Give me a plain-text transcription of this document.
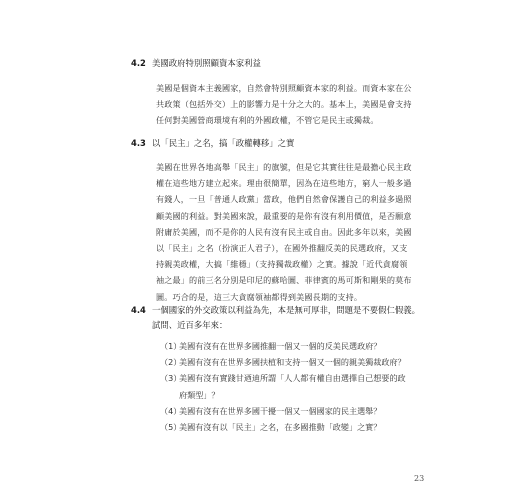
4.2 美國政府特別照顧資本家利益
美國是個資本主義國家，自然會特別照顧資本家的利益。而資本家在公
共政策（包括外交）上的影響力是十分之大的。基本上，美國是會支持
任何對美國營商環境有利的外國政權，不管它是民主或獨裁。
4.3 以「民主」之名，搞「政權轉移」之實
美國在世界各地高舉「民主」的旗號，但是它其實往往是最擔心民主政
權在這些地方建立起來。理由很簡單，因為在這些地方，窮人一般多過
有錢人，一旦「普通人政黨」當政，他們自然會保護自己的利益多過照
顧美國的利益。對美國來說，最重要的是你有沒有利用價值，是否願意
附庸於美國，而不是你的人民有沒有民主或自由。因此多年以來，美國
以「民主」之名（扮演正人君子），在國外推翻反美的民選政府，又支
持親美政權，大搞「維穩」（支持獨裁政權）之實。據說「近代貪腐領
袖之最」的前三名分別是印尼的蘇哈圖、菲律賓的馬可斯和剛果的莫布
圖。巧合的是，這三大貪腐領袖都得到美國長期的支持。
4.4 一個國家的外交政策以利益為先，本是無可厚非，問題是不要假仁假義。
試問、近百多年來：
（1）
美國有沒有在世界多國推翻一個又一個的反美民選政府？
（2）
美國有沒有在世界多國扶植和支持一個又一個的親美獨裁政府？
（3）
美國有沒有實踐甘迺迪所謂「人人都有權自由選擇自己想要的政
府類型」？
（4）
美國有沒有在世界多國干擾一個又一個國家的民主選舉？
（5）
美國有沒有以「民主」之名，在多國推動「政變」之實？
23
